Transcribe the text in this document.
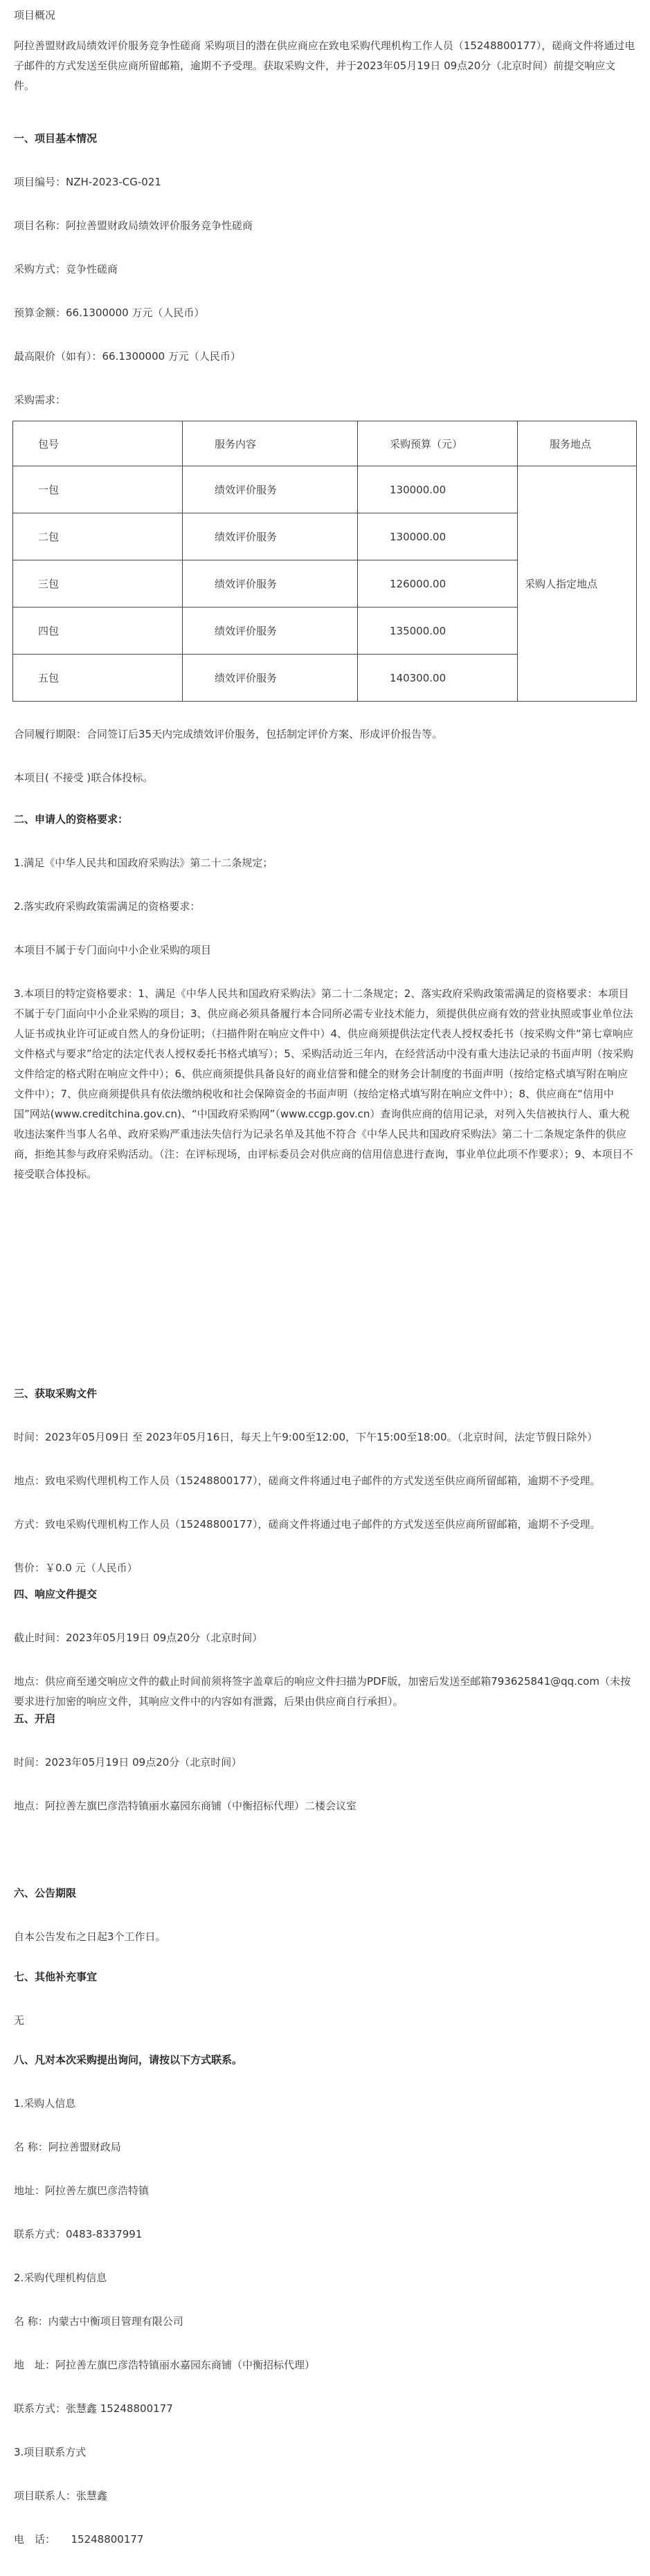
项目概况

阿拉善盟财政局绩效评价服务竞争性磋商 采购项目的潜在供应商应在致电采购代理机构工作人员（15248800177），磋商文件将通过电子邮件的方式发送至供应商所留邮箱，逾期不予受理。获取采购文件，并于2023年05月19日 09点20分（北京时间）前提交响应文件。

一、项目基本情况

项目编号：NZH-2023-CG-021

项目名称：阿拉善盟财政局绩效评价服务竞争性磋商

采购方式：竞争性磋商

预算金额：66.1300000 万元（人民币）

最高限价（如有）：66.1300000 万元（人民币）

采购需求：

包号	服务内容	采购预算（元）	服务地点
一包	绩效评价服务	130000.00	采购人指定地点
二包	绩效评价服务	130000.00	
三包	绩效评价服务	126000.00	
四包	绩效评价服务	135000.00	
五包	绩效评价服务	140300.00	

合同履行期限：合同签订后35天内完成绩效评价服务，包括制定评价方案、形成评价报告等。

本项目( 不接受 )联合体投标。

二、申请人的资格要求：

1.满足《中华人民共和国政府采购法》第二十二条规定；

2.落实政府采购政策需满足的资格要求：

本项目不属于专门面向中小企业采购的项目

3.本项目的特定资格要求：1、满足《中华人民共和国政府采购法》第二十二条规定；2、落实政府采购政策需满足的资格要求：本项目不属于专门面向中小企业采购的项目；3、供应商必须具备履行本合同所必需专业技术能力，须提供供应商有效的营业执照或事业单位法人证书或执业许可证或自然人的身份证明；（扫描件附在响应文件中）4、供应商须提供法定代表人授权委托书（按采购文件“第七章响应文件格式与要求”给定的法定代表人授权委托书格式填写）；5、采购活动近三年内，在经营活动中没有重大违法记录的书面声明（按采购文件给定的格式附在响应文件中）；6、供应商须提供具备良好的商业信誉和健全的财务会计制度的书面声明（按给定格式填写附在响应文件中）；7、供应商须提供具有依法缴纳税收和社会保障资金的书面声明（按给定格式填写附在响应文件中）；8、供应商在“信用中国”网站(www.creditchina.gov.cn)、“中国政府采购网”（www.ccgp.gov.cn）查询供应商的信用记录，对列入失信被执行人、重大税收违法案件当事人名单、政府采购严重违法失信行为记录名单及其他不符合《中华人民共和国政府采购法》第二十二条规定条件的供应商，拒绝其参与政府采购活动。（注：在评标现场，由评标委员会对供应商的信用信息进行查询，事业单位此项不作要求）；9、本项目不接受联合体投标。

三、获取采购文件

时间：2023年05月09日 至 2023年05月16日，每天上午9:00至12:00，下午15:00至18:00。（北京时间，法定节假日除外）

地点：致电采购代理机构工作人员（15248800177），磋商文件将通过电子邮件的方式发送至供应商所留邮箱，逾期不予受理。

方式：致电采购代理机构工作人员（15248800177），磋商文件将通过电子邮件的方式发送至供应商所留邮箱，逾期不予受理。

售价：￥0.0 元（人民币）

四、响应文件提交

截止时间：2023年05月19日 09点20分（北京时间）

地点：供应商至递交响应文件的截止时间前须将签字盖章后的响应文件扫描为PDF版，加密后发送至邮箱793625841@qq.com（未按要求进行加密的响应文件，其响应文件中的内容如有泄露，后果由供应商自行承担）。

五、开启

时间：2023年05月19日 09点20分（北京时间）

地点：阿拉善左旗巴彦浩特镇丽水嘉园东商铺（中衡招标代理）二楼会议室

六、公告期限

自本公告发布之日起3个工作日。

七、其他补充事宜

无

八、凡对本次采购提出询问，请按以下方式联系。

1.采购人信息

名 称：阿拉善盟财政局

地址：阿拉善左旗巴彦浩特镇

联系方式：0483-8337991

2.采购代理机构信息

名 称：内蒙古中衡项目管理有限公司

地　址：阿拉善左旗巴彦浩特镇丽水嘉园东商铺（中衡招标代理）

联系方式：张慧鑫 15248800177

3.项目联系方式

项目联系人：张慧鑫

电　话：　　15248800177
